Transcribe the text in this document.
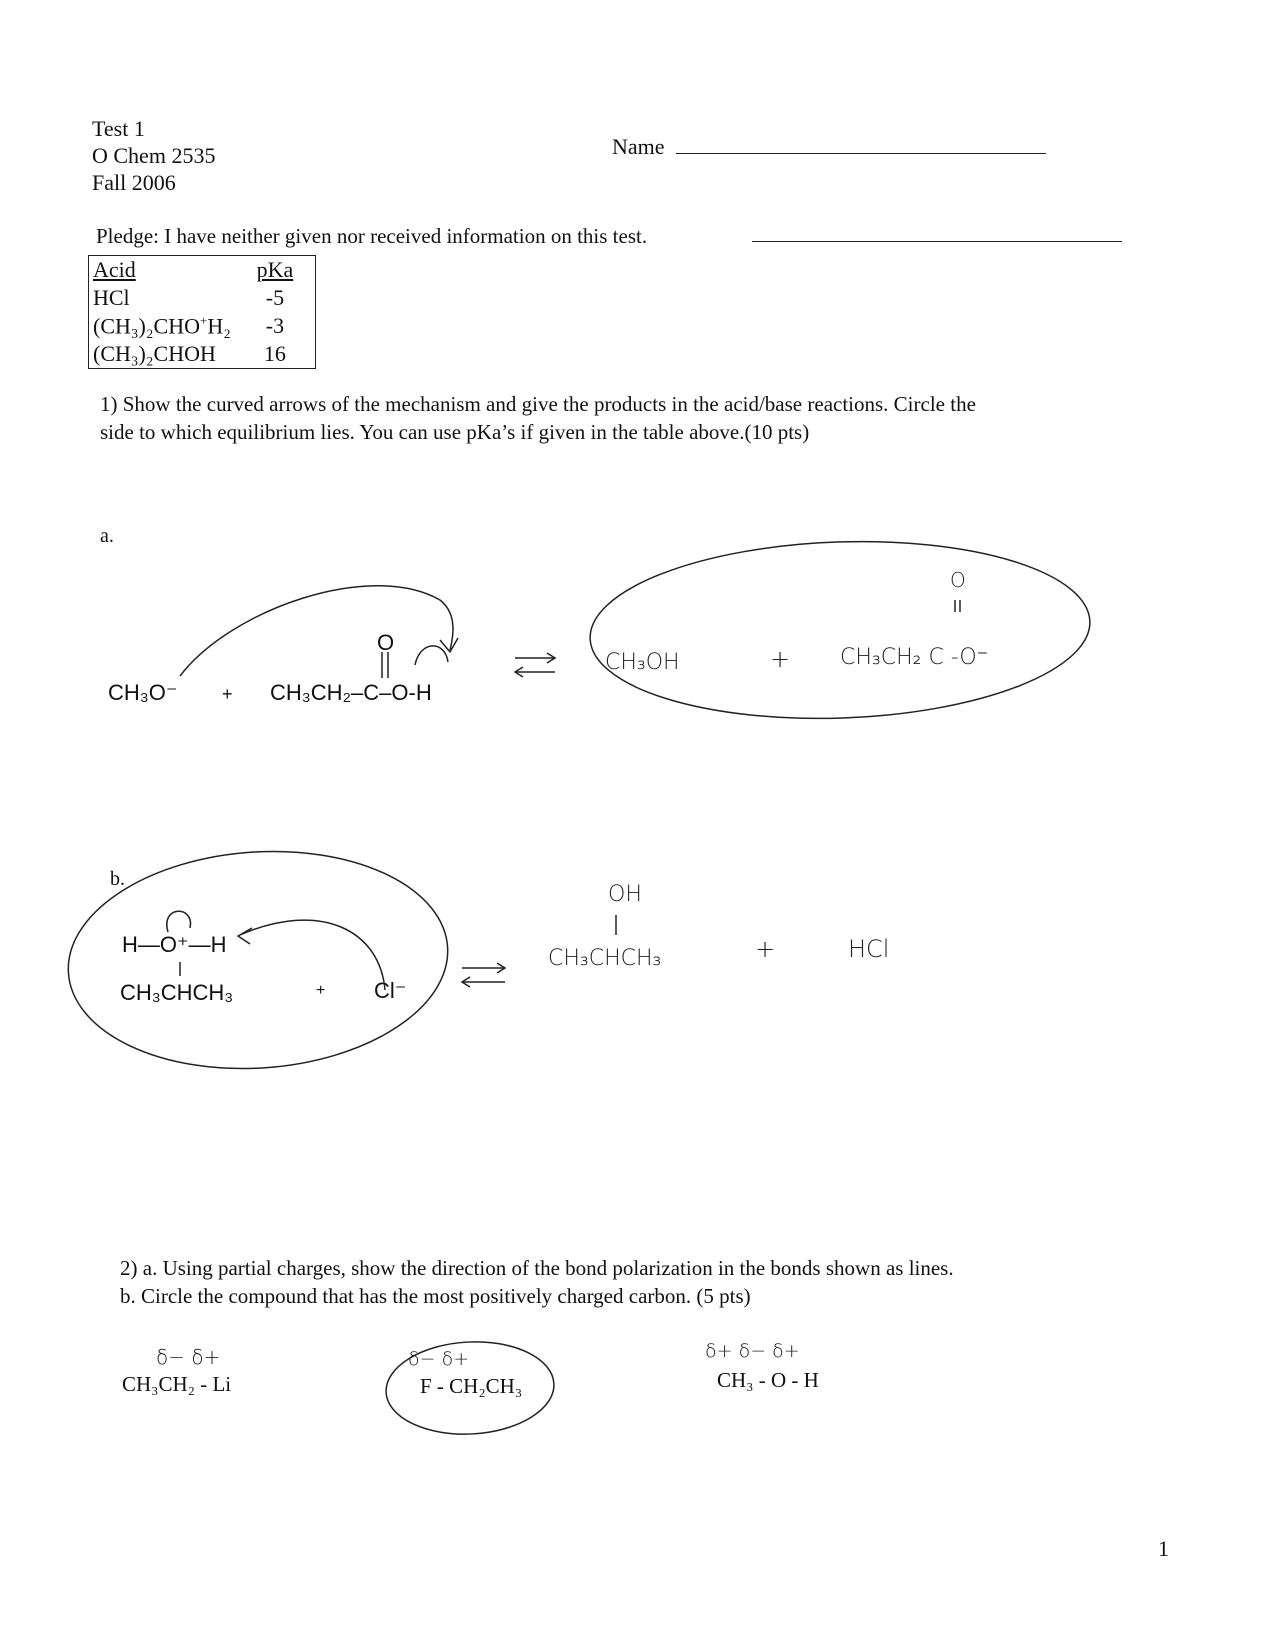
Test 1
O Chem 2535
Fall 2006
Name
Pledge: I have neither given nor received information on this test.
Acid	pKa
HCl	-5
(CH₃)₂CHO+H₂	-3
(CH₃)₂CHOH	16
1) Show the curved arrows of the mechanism and give the products in the acid/base reactions. Circle the
side to which equilibrium lies. You can use pKa’s if given in the table above.(10 pts)
a.
CH₃O⁻ + CH₃CH₂–C–O-H
O
CH₃OH	+ CH₃CH₂ C -O⁻
O
b.
H—O⁺—H
CH₃CHCH₃	+ Cl⁻
OH
CH₃CHCH₃	+	HCl
2) a. Using partial charges, show the direction of the bond polarization in the bonds shown as lines.
b. Circle the compound that has the most positively charged carbon. (5 pts)
δ− δ+
CH₃CH₂ - Li
δ− δ+
F - CH₂CH₃
δ+ δ− δ+
CH₃ - O - H
1
